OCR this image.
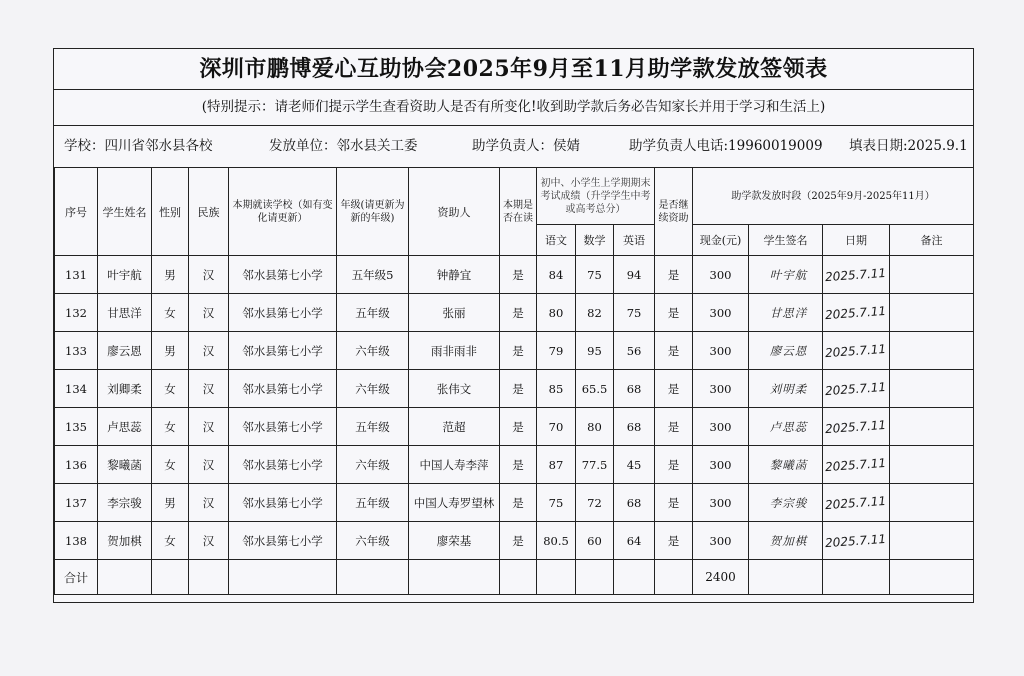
深圳市鹏博爱心互助协会2025年9月至11月助学款发放签领表
(特别提示：请老师们提示学生查看资助人是否有所变化!收到助学款后务必告知家长并用于学习和生活上)
学校：四川省邻水县各校	发放单位：邻水县关工委	助学负责人：侯婧	助学负责人电话:19960019009 填表日期:2025.9.1
序号	学生姓名	性别	民族	本期就读学校（如有变化请更新）	年级(请更新为新的年级)	资助人	本期是否在读	初中、小学生上学期期末考试成绩（升学学生中考或高考总分）			是否继续资助	助学款发放时段（2025年9月-2025年11月）			
								语文	数学	英语		现金(元)	学生签名	日期	备注
131	叶宇航	男	汉	邻水县第七小学	五年级5	钟静宜	是	84	75	94	是	300	叶宇航	2025.7.11	
132	甘思洋	女	汉	邻水县第七小学	五年级	张丽	是	80	82	75	是	300	甘思洋	2025.7.11	
133	廖云恩	男	汉	邻水县第七小学	六年级	雨非雨非	是	79	95	56	是	300	廖云恩	2025.7.11	
134	刘卿柔	女	汉	邻水县第七小学	六年级	张伟文	是	85	65.5	68	是	300	刘明柔	2025.7.11	
135	卢思蕊	女	汉	邻水县第七小学	五年级	范超	是	70	80	68	是	300	卢思蕊	2025.7.11	
136	黎曦菡	女	汉	邻水县第七小学	六年级	中国人寿李萍	是	87	77.5	45	是	300	黎曦菡	2025.7.11	
137	李宗骏	男	汉	邻水县第七小学	五年级	中国人寿罗望林	是	75	72	68	是	300	李宗骏	2025.7.11	
138	贺加棋	女	汉	邻水县第七小学	六年级	廖荣基	是	80.5	60	64	是	300	贺加棋	2025.7.11	
合计												2400			
